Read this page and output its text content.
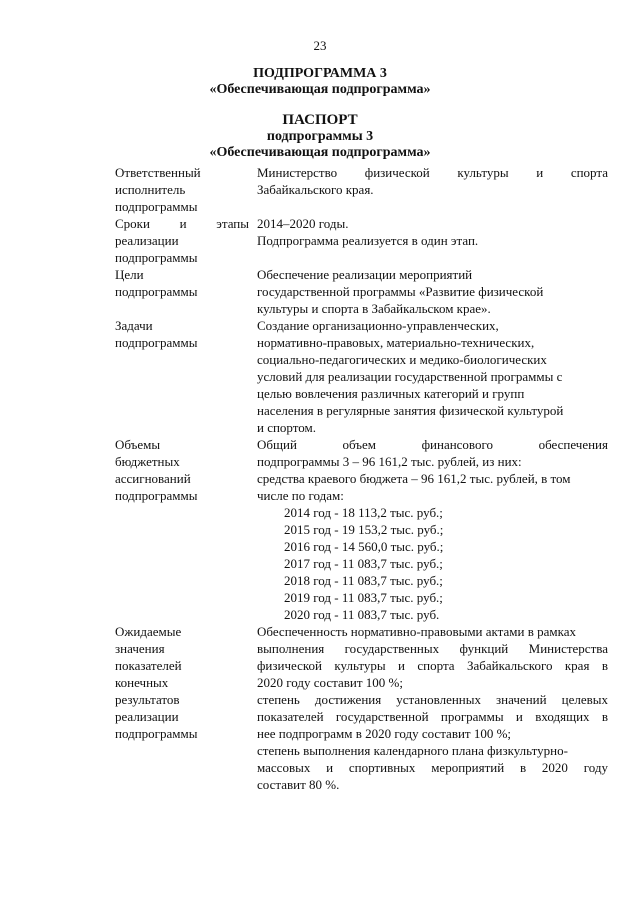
23
ПОДПРОГРАММА 3
«Обеспечивающая подпрограмма»
ПАСПОРТ
подпрограммы 3
«Обеспечивающая подпрограмма»
Ответственный
исполнитель
подпрограммы
Министерство физической культуры и спорта
Забайкальского края.
Сроки и этапы
реализации
подпрограммы
2014–2020 годы.
Подпрограмма реализуется в один этап.
Цели
подпрограммы
Обеспечение реализации мероприятий
государственной программы «Развитие физической
культуры и спорта в Забайкальском крае».
Задачи
подпрограммы
Создание организационно-управленческих,
нормативно-правовых, материально-технических,
социально-педагогических и медико-биологических
условий для реализации государственной программы с
целью вовлечения различных категорий и групп
населения в регулярные занятия физической культурой
и спортом.
Объемы
бюджетных
ассигнований
подпрограммы
Общий объем финансового обеспечения
подпрограммы 3 – 96 161,2 тыс. рублей, из них:
средства краевого бюджета – 96 161,2 тыс. рублей, в том
числе по годам:
2014 год - 18 113,2 тыс. руб.;
2015 год - 19 153,2 тыс. руб.;
2016 год - 14 560,0 тыс. руб.;
2017 год - 11 083,7 тыс. руб.;
2018 год - 11 083,7 тыс. руб.;
2019 год - 11 083,7 тыс. руб.;
2020 год - 11 083,7 тыс. руб.
Ожидаемые
значения
показателей
конечных
результатов
реализации
подпрограммы
Обеспеченность нормативно-правовыми актами в рамках
выполнения государственных функций Министерства
физической культуры и спорта Забайкальского края в
2020 году составит 100 %;
степень достижения установленных значений целевых
показателей государственной программы и входящих в
нее подпрограмм в 2020 году составит 100 %;
степень выполнения календарного плана физкультурно-
массовых и спортивных мероприятий в 2020 году
составит 80 %.
